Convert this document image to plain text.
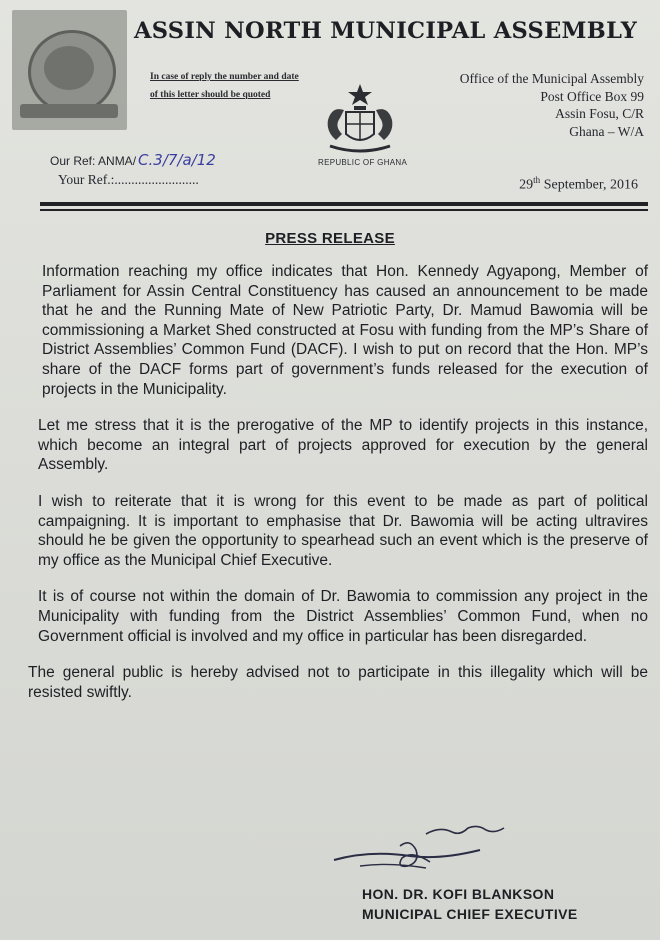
ASSIN NORTH MUNICIPAL ASSEMBLY
In case of reply the number and date of this letter should be quoted
REPUBLIC OF GHANA
Office of the Municipal Assembly
Post Office Box 99
Assin Fosu, C/R
Ghana – W/A
Our Ref: ANMA/ C.3/7/a/12
Your Ref.:.........................	29th September, 2016
PRESS RELEASE

Information reaching my office indicates that Hon. Kennedy Agyapong, Member of Parliament for Assin Central Constituency has caused an announcement to be made that he and the Running Mate of New Patriotic Party, Dr. Mamud Bawomia will be commissioning a Market Shed constructed at Fosu with funding from the MP’s Share of District Assemblies’ Common Fund (DACF). I wish to put on record that the Hon. MP’s share of the DACF forms part of government’s funds released for the execution of projects in the Municipality.

Let me stress that it is the prerogative of the MP to identify projects in this instance, which become an integral part of projects approved for execution by the general Assembly.

I wish to reiterate that it is wrong for this event to be made as part of political campaigning. It is important to emphasise that Dr. Bawomia will be acting ultravires should he be given the opportunity to spearhead such an event which is the preserve of my office as the Municipal Chief Executive.

It is of course not within the domain of Dr. Bawomia to commission any project in the Municipality with funding from the District Assemblies’ Common Fund, when no Government official is involved and my office in particular has been disregarded.

The general public is hereby advised not to participate in this illegality which will be resisted swiftly.

HON. DR. KOFI BLANKSON
MUNICIPAL CHIEF EXECUTIVE
